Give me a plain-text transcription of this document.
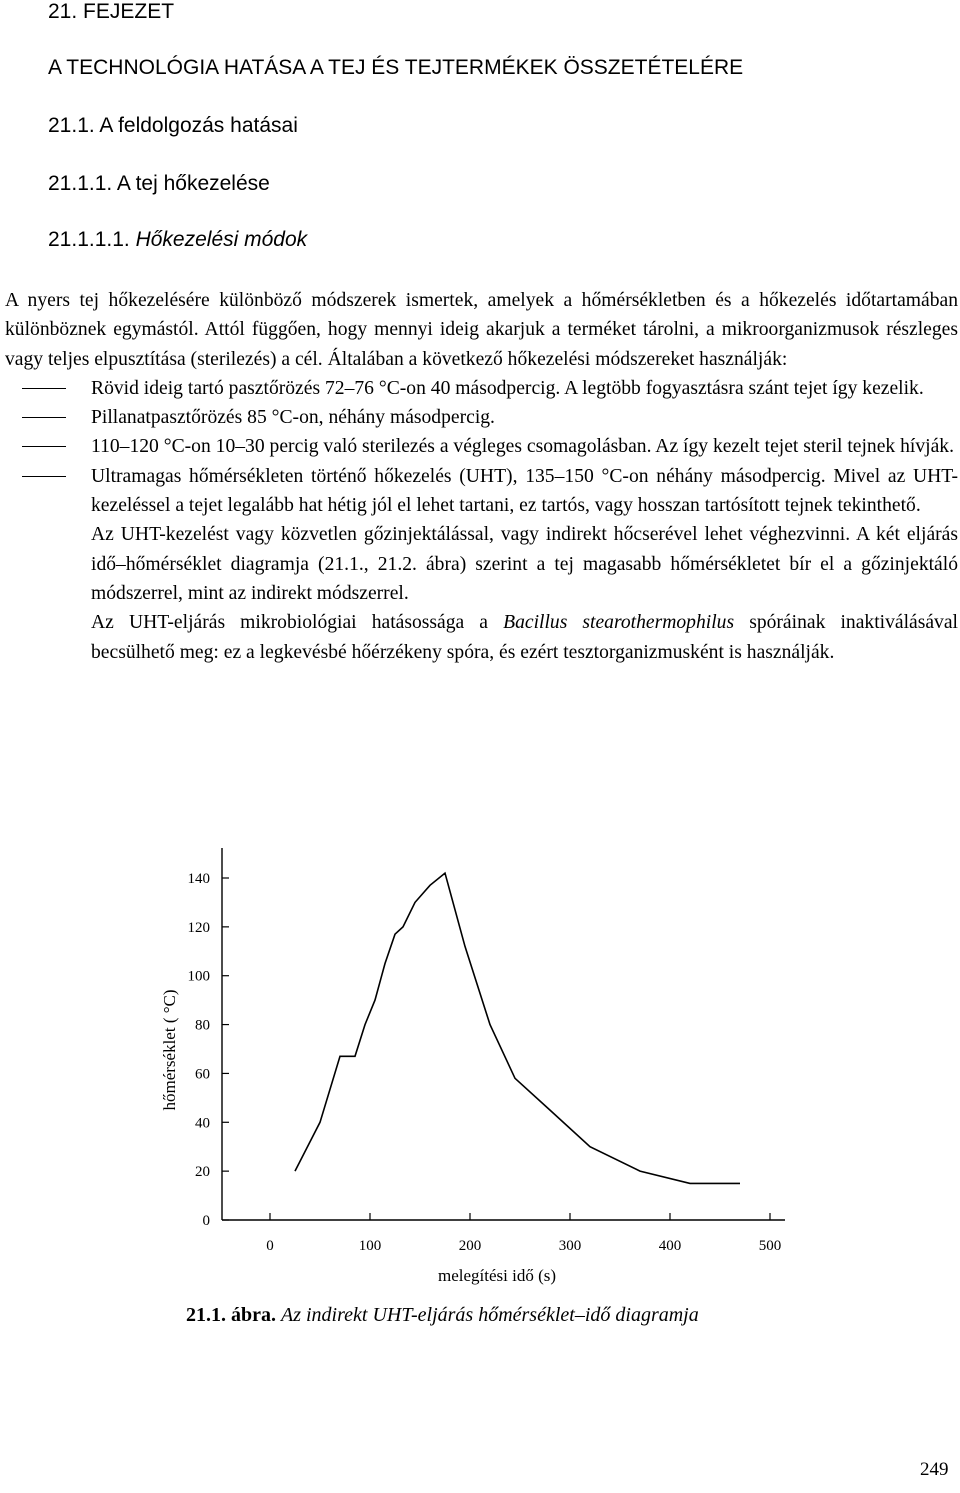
21. FEJEZET
A TECHNOLÓGIA HATÁSA A TEJ ÉS TEJTERMÉKEK ÖSSZETÉTELÉRE
21.1. A feldolgozás hatásai
21.1.1. A tej hőkezelése
21.1.1.1. Hőkezelési módok

A nyers tej hőkezelésére különböző módszerek ismertek, amelyek a hőmérsékletben és a hőkezelés időtartamában különböznek egymástól. Attól függően, hogy mennyi ideig akarjuk a terméket tárolni, a mikroorganizmusok részleges vagy teljes elpusztítása (sterilezés) a cél. Általában a következő hőkezelési módszereket használják:

Rövid ideig tartó pasztőrözés 72–76 °C-on 40 másodpercig. A legtöbb fogyasztásra szánt tejet így kezelik.
Pillanatpasztőrözés 85 °C-on, néhány másodpercig.
110–120 °C-on 10–30 percig való sterilezés a végleges csomagolásban. Az így kezelt tejet steril tejnek hívják.
Ultramagas hőmérsékleten történő hőkezelés (UHT), 135–150 °C-on néhány másodpercig. Mivel az UHT-kezeléssel a tejet legalább hat hétig jól el lehet tartani, ez tartós, vagy hosszan tartósított tejnek tekinthető.

Az UHT-kezelést vagy közvetlen gőzinjektálással, vagy indirekt hőcserével lehet véghezvinni. A két eljárás idő–hőmérséklet diagramja (21.1., 21.2. ábra) szerint a tej magasabb hőmérsékletet bír el a gőzinjektáló módszerrel, mint az indirekt módszerrel.

Az UHT-eljárás mikrobiológiai hatásossága a Bacillus stearothermophilus spóráinak inaktiválásával becsülhető meg: ez a legkevésbé hőérzékeny spóra, és ezért tesztorganizmusként is használják.

0
20
40
60
80
100
120
140
0	100	200	300	400	500
melegítési idő (s)
hőmérséklet ( °C)
21.1. ábra. Az indirekt UHT-eljárás hőmérséklet–idő diagramja
249
